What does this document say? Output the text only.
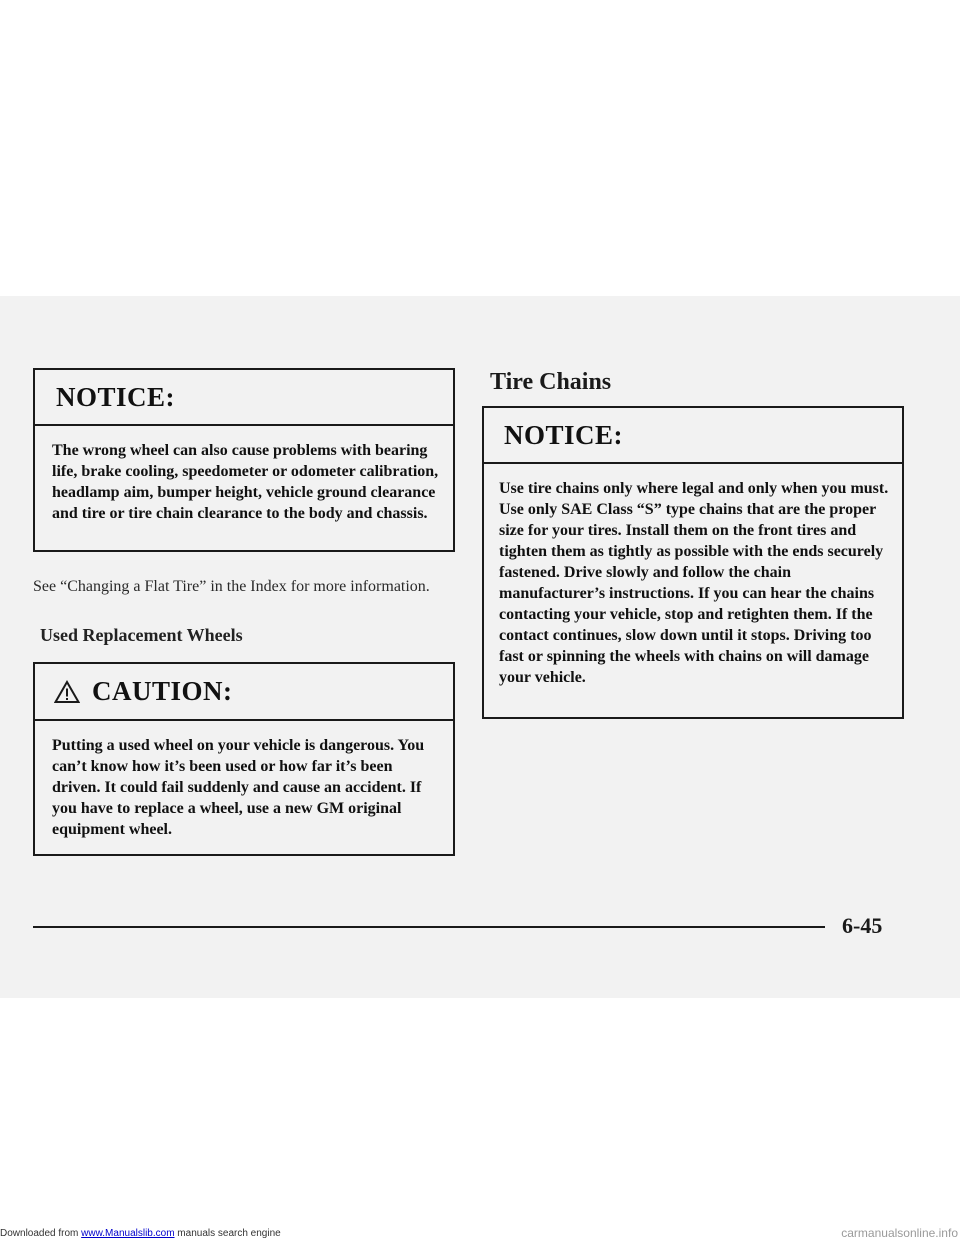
NOTICE:
The wrong wheel can also cause problems with bearing life, brake cooling, speedometer or odometer calibration, headlamp aim, bumper height, vehicle ground clearance and tire or tire chain clearance to the body and chassis.
See “Changing a Flat Tire” in the Index for more information.
Used Replacement Wheels
CAUTION:
Putting a used wheel on your vehicle is dangerous. You can’t know how it’s been used or how far it’s been driven. It could fail suddenly and cause an accident. If you have to replace a wheel, use a new GM original equipment wheel.
Tire Chains
NOTICE:
Use tire chains only where legal and only when you must. Use only SAE Class “S” type chains that are the proper size for your tires. Install them on the front tires and tighten them as tightly as possible with the ends securely fastened. Drive slowly and follow the chain manufacturer’s instructions. If you can hear the chains contacting your vehicle, stop and retighten them. If the contact continues, slow down until it stops. Driving too fast or spinning the wheels with chains on will damage your vehicle.
6-45
Downloaded from www.Manualslib.com manuals search engine	carmanualsonline.info
